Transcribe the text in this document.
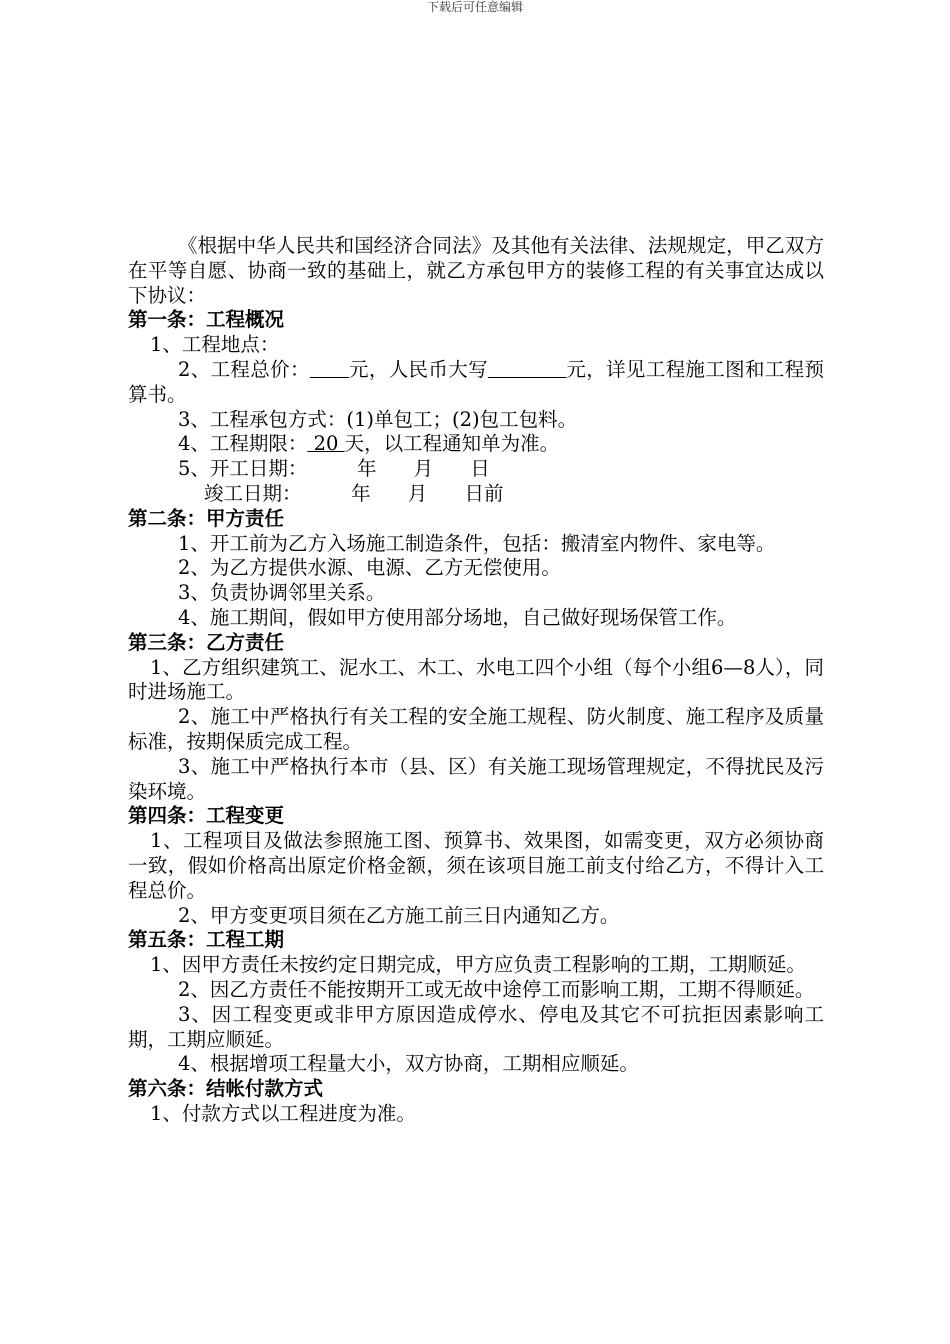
下载后可任意编辑

《根据中华人民共和国经济合同法》及其他有关法律、法规规定，甲乙双方在平等自愿、协商一致的基础上，就乙方承包甲方的装修工程的有关事宜达成以下协议：

第一条：工程概况

1、工程地点：

2、工程总价： 元，人民币大写	元，详见工程施工图和工程预算书。

3、工程承包方式：(1)单包工；(2)包工包料。

4、工程期限： 20 天，以工程通知单为准。

5、开工日期：        年      月      日

竣工日期：        年      月      日前

第二条：甲方责任

1、开工前为乙方入场施工制造条件，包括：搬清室内物件、家电等。

2、为乙方提供水源、电源、乙方无偿使用。

3、负责协调邻里关系。

4、施工期间，假如甲方使用部分场地，自己做好现场保管工作。

第三条：乙方责任

1、乙方组织建筑工、泥水工、木工、水电工四个小组（每个小组6—8人），同时进场施工。

2、施工中严格执行有关工程的安全施工规程、防火制度、施工程序及质量标准，按期保质完成工程。

3、施工中严格执行本市（县、区）有关施工现场管理规定，不得扰民及污染环境。

第四条：工程变更

1、工程项目及做法参照施工图、预算书、效果图，如需变更，双方必须协商一致，假如价格高出原定价格金额，须在该项目施工前支付给乙方，不得计入工程总价。

2、甲方变更项目须在乙方施工前三日内通知乙方。

第五条：工程工期

1、因甲方责任未按约定日期完成，甲方应负责工程影响的工期，工期顺延。

2、因乙方责任不能按期开工或无故中途停工而影响工期，工期不得顺延。

3、因工程变更或非甲方原因造成停水、停电及其它不可抗拒因素影响工期，工期应顺延。

4、根据增项工程量大小，双方协商，工期相应顺延。

第六条：结帐付款方式

1、付款方式以工程进度为准。
